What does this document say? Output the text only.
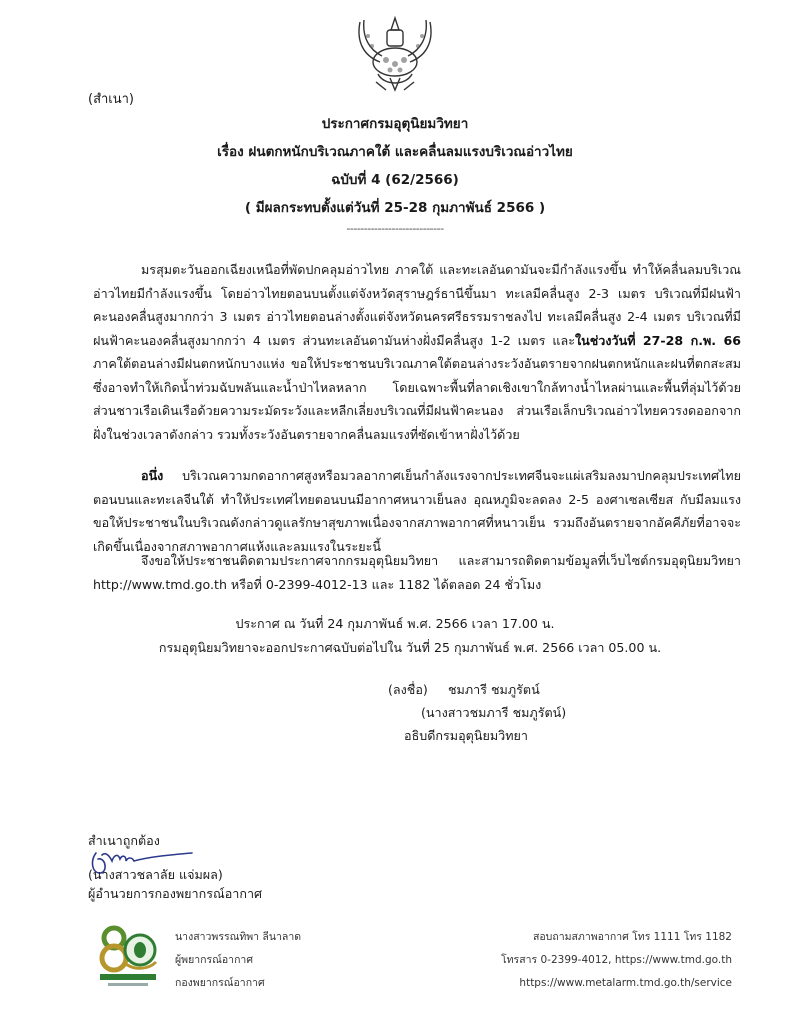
(สำเนา)
ประกาศกรมอุตุนิยมวิทยา
เรื่อง ฝนตกหนักบริเวณภาคใต้ และคลื่นลมแรงบริเวณอ่าวไทย
ฉบับที่ 4 (62/2566)
( มีผลกระทบตั้งแต่วันที่ 25-28 กุมภาพันธ์ 2566 )
----------------------------
มรสุมตะวันออกเฉียงเหนือที่พัดปกคลุมอ่าวไทย ภาคใต้ และทะเลอันดามันจะมีกำลังแรงขึ้น ทำให้คลื่นลมบริเวณอ่าวไทยมีกำลังแรงขึ้น โดยอ่าวไทยตอนบนตั้งแต่จังหวัดสุราษฎร์ธานีขึ้นมา ทะเลมีคลื่นสูง 2-3 เมตร บริเวณที่มีฝนฟ้าคะนองคลื่นสูงมากกว่า 3 เมตร อ่าวไทยตอนล่างตั้งแต่จังหวัดนครศรีธรรมราชลงไป ทะเลมีคลื่นสูง 2-4 เมตร บริเวณที่มีฝนฟ้าคะนองคลื่นสูงมากกว่า 4 เมตร ส่วนทะเลอันดามันห่างฝั่งมีคลื่นสูง 1-2 เมตร และในช่วงวันที่ 27-28 ก.พ. 66 ภาคใต้ตอนล่างมีฝนตกหนักบางแห่ง ขอให้ประชาชนบริเวณภาคใต้ตอนล่างระวังอันตรายจากฝนตกหนักและฝนที่ตกสะสม ซึ่งอาจทำให้เกิดน้ำท่วมฉับพลันและน้ำป่าไหลหลาก โดยเฉพาะพื้นที่ลาดเชิงเขาใกล้ทางน้ำไหลผ่านและพื้นที่ลุ่มไว้ด้วย ส่วนชาวเรือเดินเรือด้วยความระมัดระวังและหลีกเลี่ยงบริเวณที่มีฝนฟ้าคะนอง ส่วนเรือเล็กบริเวณอ่าวไทยควรงดออกจากฝั่งในช่วงเวลาดังกล่าว รวมทั้งระวังอันตรายจากคลื่นลมแรงที่ซัดเข้าหาฝั่งไว้ด้วย
อนึ่ง บริเวณความกดอากาศสูงหรือมวลอากาศเย็นกำลังแรงจากประเทศจีนจะแผ่เสริมลงมาปกคลุมประเทศไทยตอนบนและทะเลจีนใต้ ทำให้ประเทศไทยตอนบนมีอากาศหนาวเย็นลง อุณหภูมิจะลดลง 2-5 องศาเซลเซียส กับมีลมแรง ขอให้ประชาชนในบริเวณดังกล่าวดูแลรักษาสุขภาพเนื่องจากสภาพอากาศที่หนาวเย็น รวมถึงอันตรายจากอัคคีภัยที่อาจจะเกิดขึ้นเนื่องจากสภาพอากาศแห้งและลมแรงในระยะนี้
จึงขอให้ประชาชนติดตามประกาศจากกรมอุตุนิยมวิทยา และสามารถติดตามข้อมูลที่เว็บไซต์กรมอุตุนิยมวิทยา http://www.tmd.go.th หรือที่ 0-2399-4012-13 และ 1182 ได้ตลอด 24 ชั่วโมง
ประกาศ ณ วันที่ 24 กุมภาพันธ์ พ.ศ. 2566 เวลา 17.00 น.
กรมอุตุนิยมวิทยาจะออกประกาศฉบับต่อไปใน วันที่ 25 กุมภาพันธ์ พ.ศ. 2566 เวลา 05.00 น.
(ลงชื่อ) ชมภารี ชมภูรัตน์
(นางสาวชมภารี ชมภูรัตน์)
อธิบดีกรมอุตุนิยมวิทยา
สำเนาถูกต้อง
(นางสาวชลาลัย แจ่มผล)
ผู้อำนวยการกองพยากรณ์อากาศ
นางสาวพรรณทิพา ลีนาลาด
ผู้พยากรณ์อากาศ
กองพยากรณ์อากาศ
สอบถามสภาพอากาศ โทร 1111 โทร 1182
โทรสาร 0-2399-4012, https://www.tmd.go.th
https://www.metalarm.tmd.go.th/service
